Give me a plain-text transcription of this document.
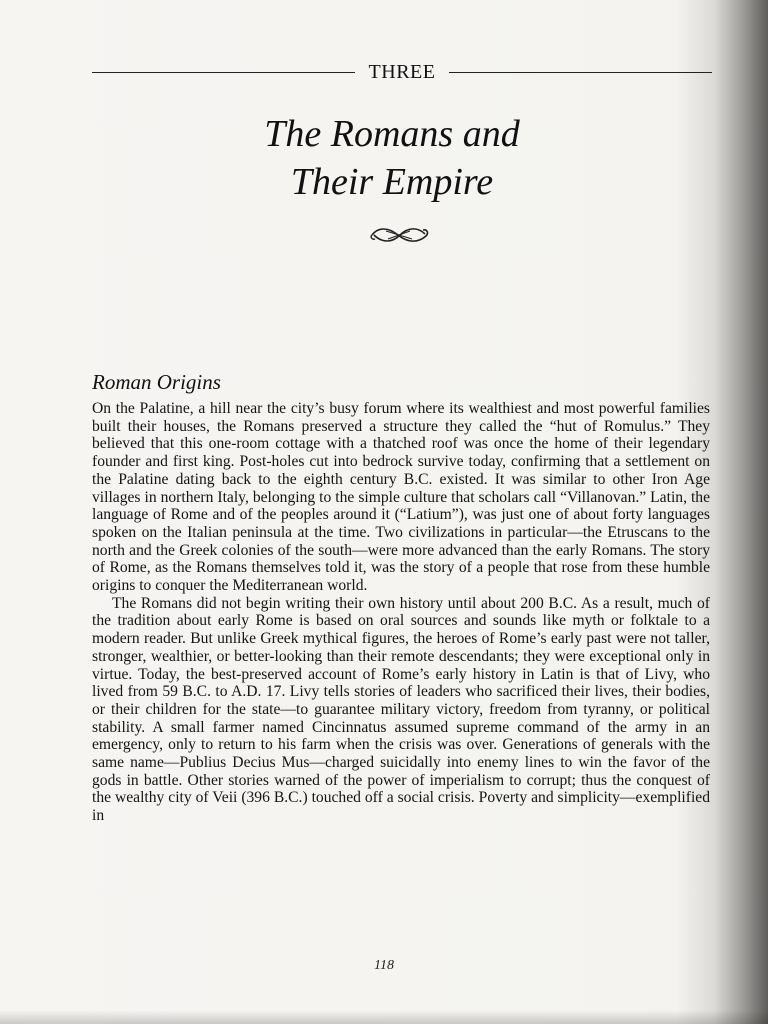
THREE
The Romans and
Their Empire
Roman Origins

On the Palatine, a hill near the city’s busy forum where its wealthiest and most powerful families built their houses, the Romans preserved a structure they called the “hut of Romulus.” They believed that this one-room cottage with a thatched roof was once the home of their legendary founder and first king. Post-holes cut into bedrock survive today, confirming that a settlement on the Palatine dating back to the eighth century B.C. existed. It was similar to other Iron Age villages in northern Italy, belonging to the simple culture that scholars call “Villanovan.” Latin, the language of Rome and of the peoples around it (“Latium”), was just one of about forty languages spoken on the Italian peninsula at the time. Two civilizations in particular—the Etruscans to the north and the Greek colonies of the south—were more advanced than the early Romans. The story of Rome, as the Romans themselves told it, was the story of a people that rose from these humble origins to conquer the Mediterranean world.

The Romans did not begin writing their own history until about 200 B.C. As a result, much of the tradition about early Rome is based on oral sources and sounds like myth or folktale to a modern reader. But unlike Greek mythical figures, the heroes of Rome’s early past were not taller, stronger, wealthier, or better-looking than their remote descendants; they were exceptional only in virtue. Today, the best-preserved account of Rome’s early history in Latin is that of Livy, who lived from 59 B.C. to A.D. 17. Livy tells stories of leaders who sacrificed their lives, their bodies, or their children for the state—to guarantee military victory, freedom from tyranny, or political stability. A small farmer named Cincinnatus assumed supreme command of the army in an emergency, only to return to his farm when the crisis was over. Generations of generals with the same name—Publius Decius Mus—charged suicidally into enemy lines to win the favor of the gods in battle. Other stories warned of the power of imperialism to corrupt; thus the conquest of the wealthy city of Veii (396 B.C.) touched off a social crisis. Poverty and simplicity—exemplified in

118
